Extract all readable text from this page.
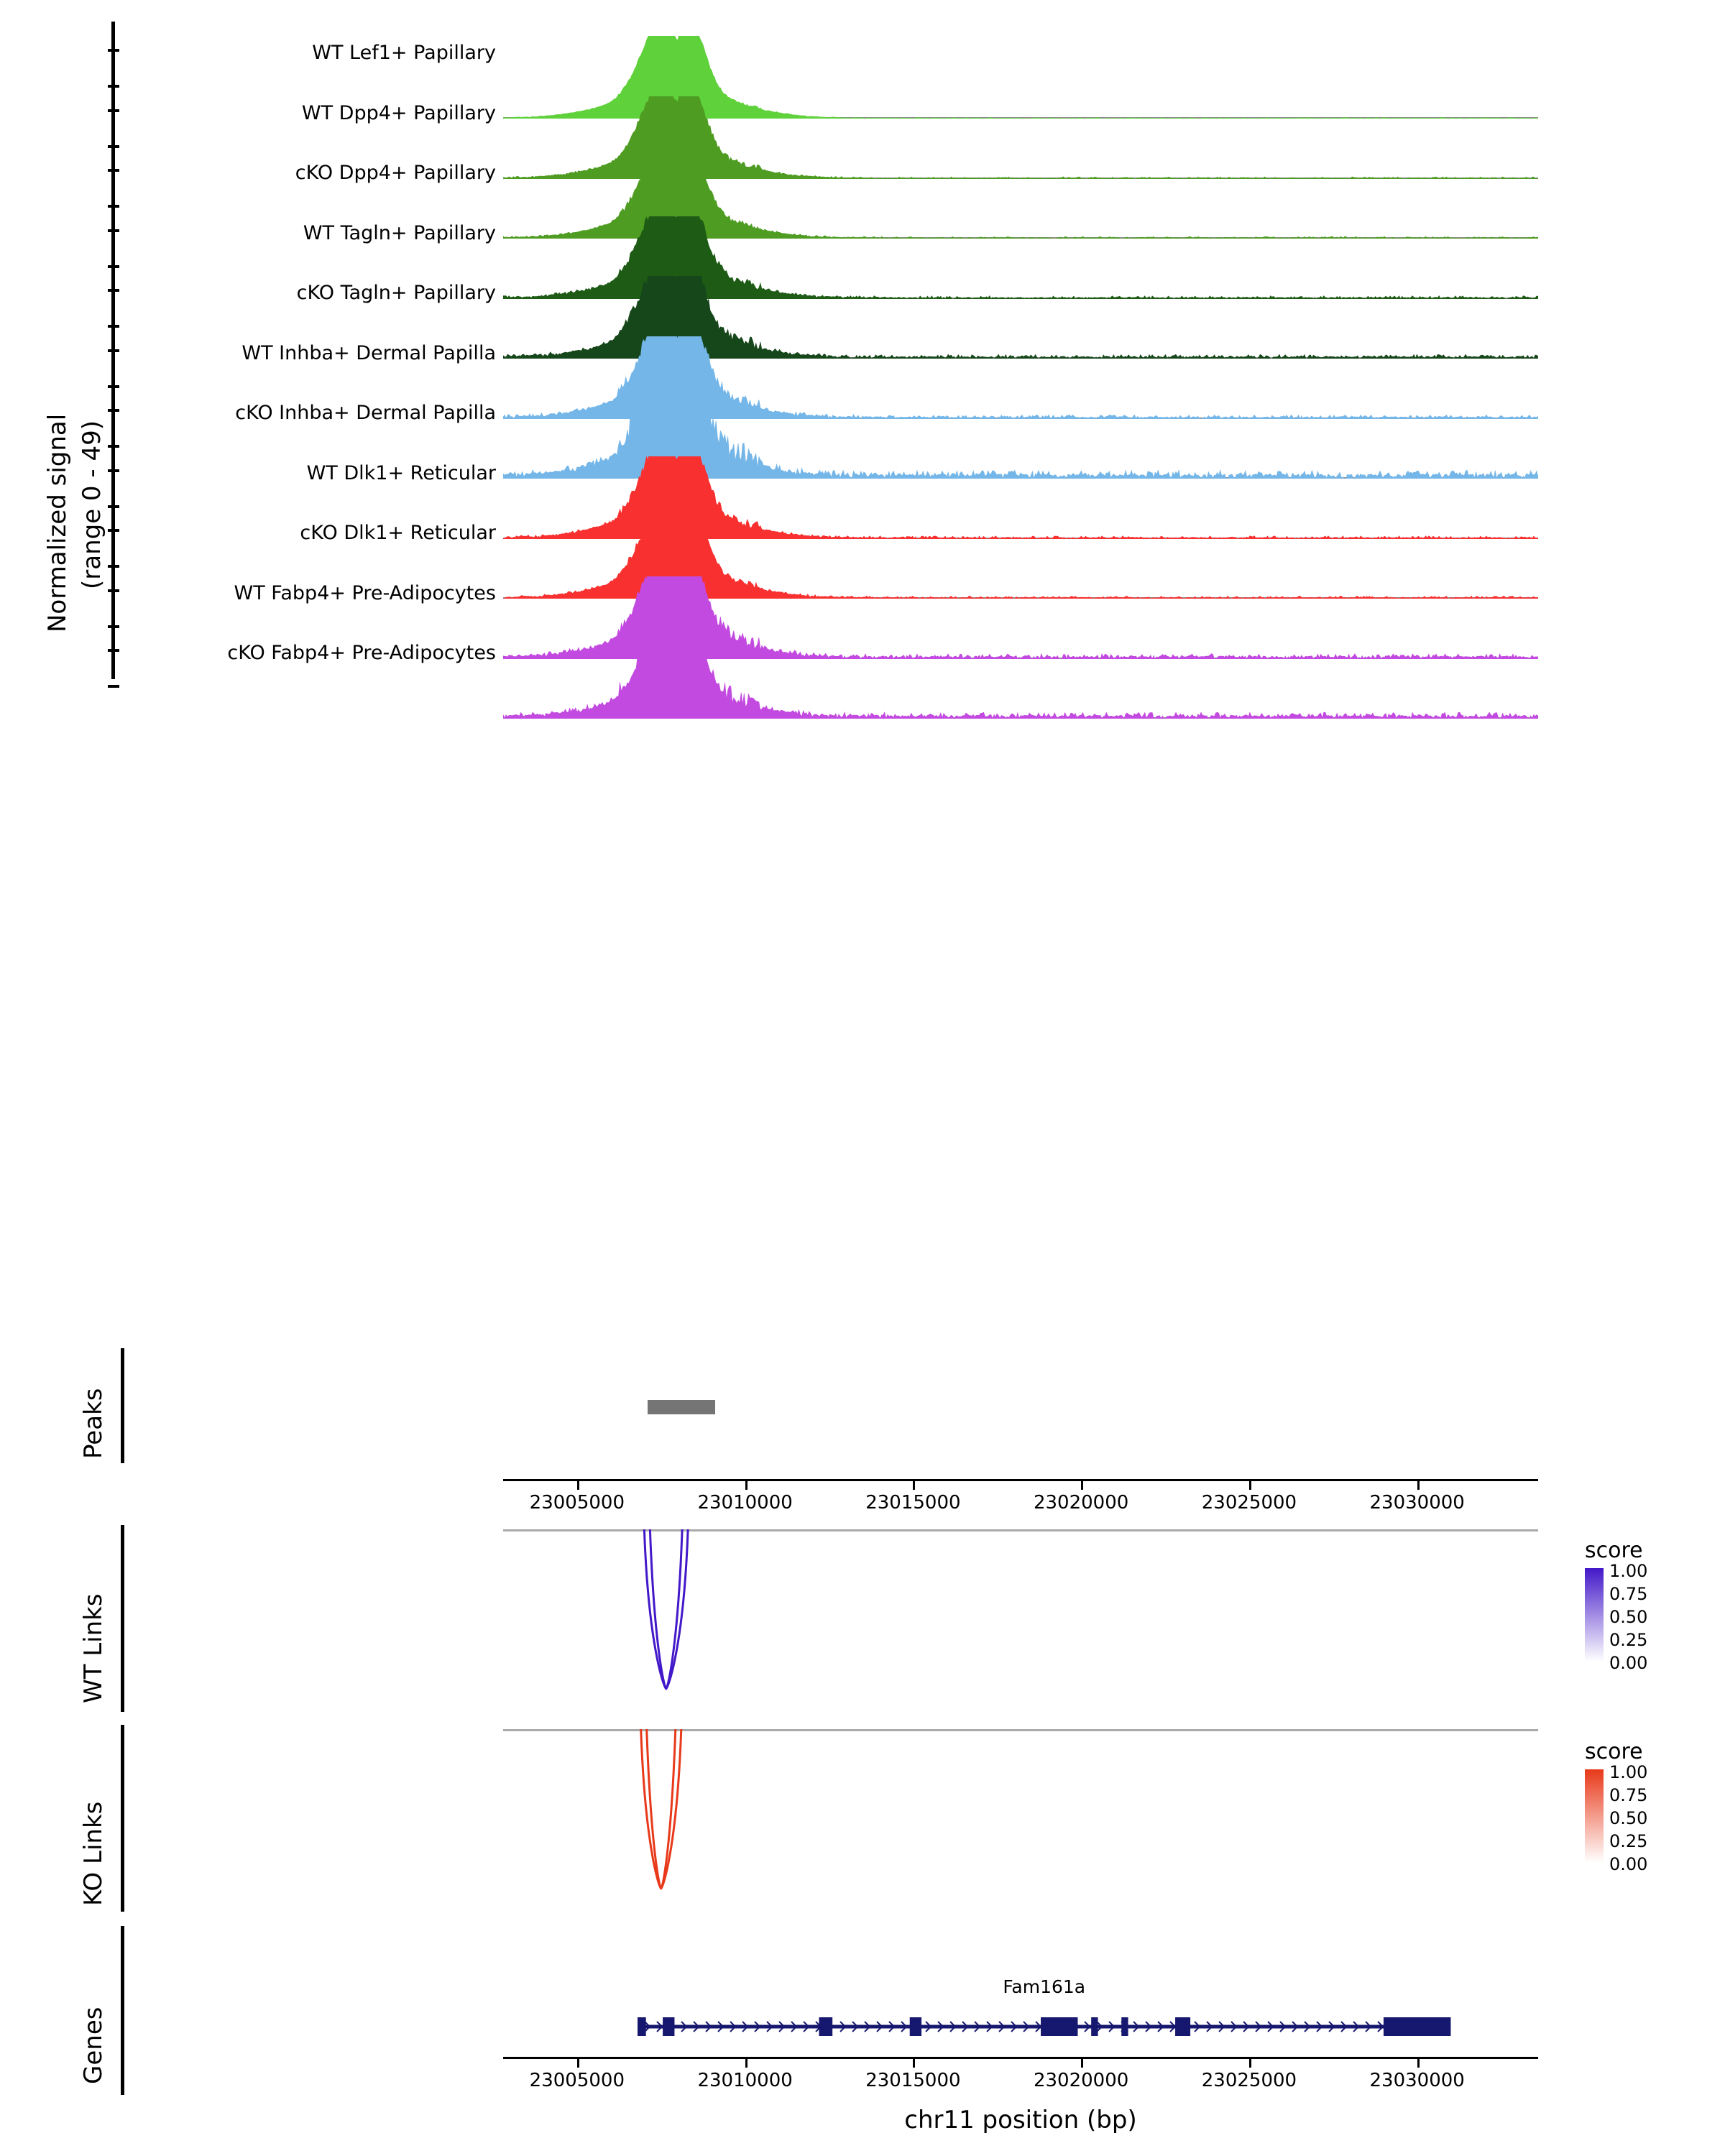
Normalized signal (range 0 - 49)
WT Lef1+ Papillary
WT Dpp4+ Papillary
cKO Dpp4+ Papillary
WT Tagln+ Papillary
cKO Tagln+ Papillary
WT Inhba+ Dermal Papilla
cKO Inhba+ Dermal Papilla
WT Dlk1+ Reticular
cKO Dlk1+ Reticular
WT Fabp4+ Pre-Adipocytes
cKO Fabp4+ Pre-Adipocytes
Peaks
23005000	23010000	23015000	23020000	23025000	23030000
WT Links
KO Links
Genes
Fam161a
23005000	23010000	23015000	23020000	23025000	23030000
chr11 position (bp)
score
1.00
0.75
0.50
0.25
0.00
score
1.00
0.75
0.50
0.25
0.00
